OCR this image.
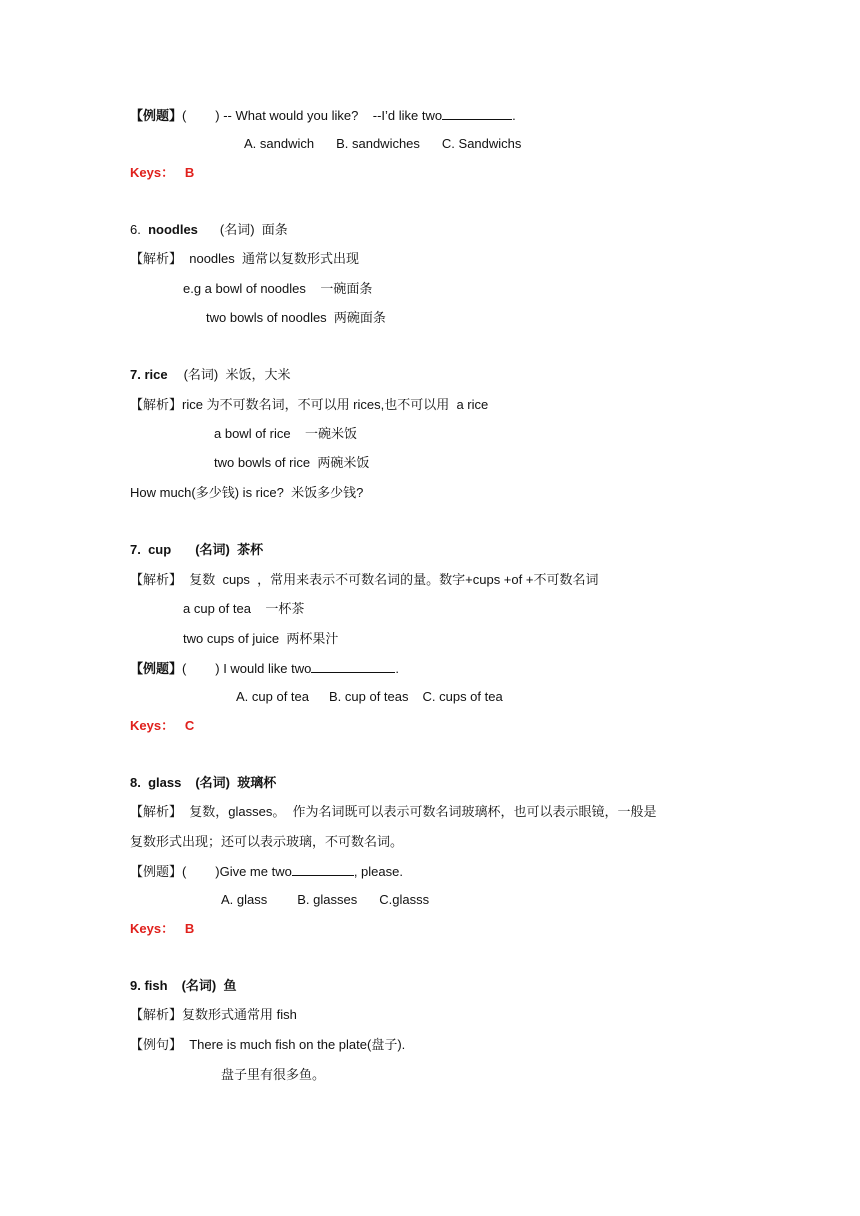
【例题】(        ) -- What would you like?    --I’d like two	.
A. sandwich B. sandwiches C. Sandwichs
Keys：   B
6.  noodles (名词)  面条
【解析】  noodles  通常以复数形式出现
e.g a bowl of noodles    一碗面条
two bowls of noodles  两碗面条
7. rice (名词)  米饭，大米
【解析】rice 为不可数名词，不可以用 rices,也不可以用  a rice
a bowl of rice    一碗米饭
two bowls of rice  两碗米饭
How much(多少钱) is rice?  米饭多少钱?
7.  cup (名词)  茶杯
【解析】  复数  cups  ，常用来表示不可数名词的量。数字+cups +of +不可数名词
a cup of tea    一杯茶
two cups of juice  两杯果汁
【例题】(        ) I would like two	.
A. cup of tea B. cup of teas C. cups of tea
Keys：   C
8.  glass (名词)  玻璃杯
【解析】  复数，glasses。  作为名词既可以表示可数名词玻璃杯，也可以表示眼镜，一般是
复数形式出现；还可以表示玻璃，不可数名词。
【例题】(        )Give me two	, please.
A. glass B. glasses C.glasss
Keys：   B
9. fish (名词)  鱼
【解析】复数形式通常用 fish
【例句】  There is much fish on the plate(盘子).
盘子里有很多鱼。
